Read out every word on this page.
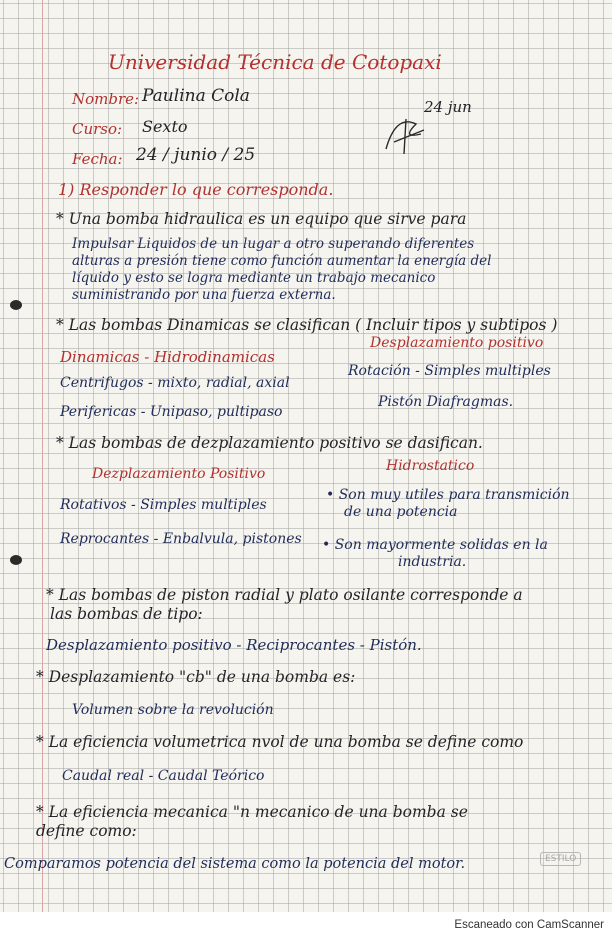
Universidad Técnica de Cotopaxi
Nombre: Paulina Cola
Curso: Sexto
Fecha: 24 / junio / 25
24 jun
1) Responder lo que corresponda.
* Una bomba hidraulica es un equipo que sirve para
Impulsar Liquidos de un lugar a otro superando diferentes
alturas a presión tiene como función aumentar la energía del
líquido y esto se logra mediante un trabajo mecanico
suministrando por una fuerza externa.
* Las bombas Dinamicas se clasifican ( Incluir tipos y subtipos )
Dinamicas - Hidrodinamicas
Desplazamiento positivo
Centrifugos - mixto, radial, axial
Perifericas - Unipaso, pultipaso
Rotación - Simples multiples
Pistón Diafragmas.
* Las bombas de dezplazamiento positivo se dasifican.
Dezplazamiento Positivo	Hidrostatico
Rotativos - Simples multiples
Reprocantes - Enbalvula, pistones
• Son muy utiles para transmición
de una potencia
• Son mayormente solidas en la
industria.
* Las bombas de piston radial y plato osilante corresponde a
las bombas de tipo:
Desplazamiento positivo - Reciprocantes - Pistón.
* Desplazamiento "cb" de una bomba es:
Volumen sobre la revolución
* La eficiencia volumetrica nvol de una bomba se define como
Caudal real - Caudal Teórico
* La eficiencia mecanica "n mecanico de una bomba se
define como:
Comparamos potencia del sistema como la potencia del motor.	ESTILO
Escaneado con CamScanner
